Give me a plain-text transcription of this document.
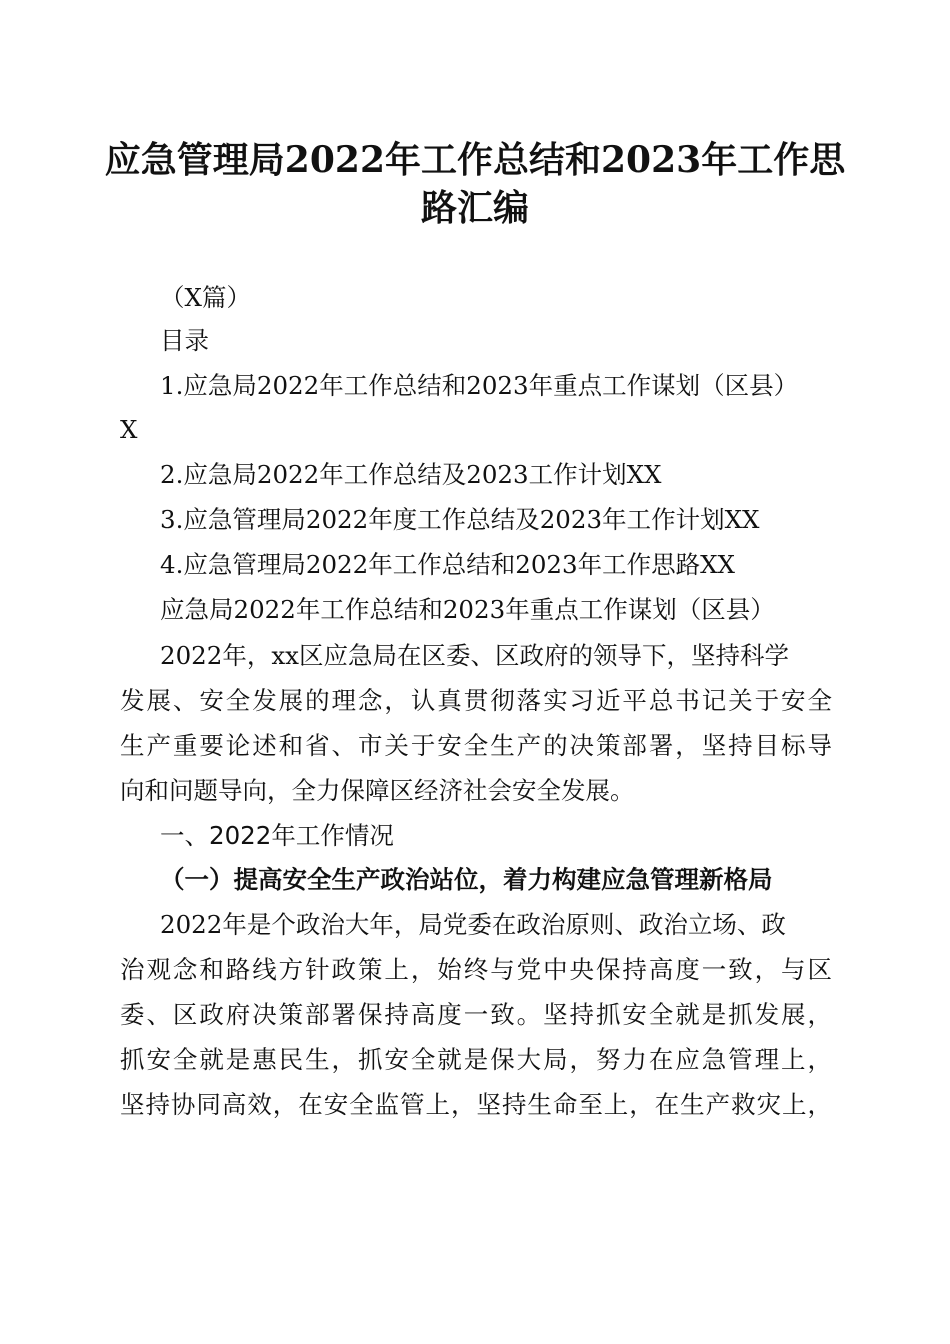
应急管理局2022年工作总结和2023年工作思
路汇编
（X篇）
目录
1.应急局2022年工作总结和2023年重点工作谋划（区县）
X
2.应急局2022年工作总结及2023工作计划XX
3.应急管理局2022年度工作总结及2023年工作计划XX
4.应急管理局2022年工作总结和2023年工作思路XX
应急局2022年工作总结和2023年重点工作谋划（区县）
2022年，xx区应急局在区委、区政府的领导下，坚持科学
发展、安全发展的理念，认真贯彻落实习近平总书记关于安全
生产重要论述和省、市关于安全生产的决策部署，坚持目标导
向和问题导向，全力保障区经济社会安全发展。
一、2022年工作情况
（一）提高安全生产政治站位，着力构建应急管理新格局
2022年是个政治大年，局党委在政治原则、政治立场、政
治观念和路线方针政策上，始终与党中央保持高度一致，与区
委、区政府决策部署保持高度一致。坚持抓安全就是抓发展，
抓安全就是惠民生，抓安全就是保大局，努力在应急管理上，
坚持协同高效，在安全监管上，坚持生命至上，在生产救灾上，
